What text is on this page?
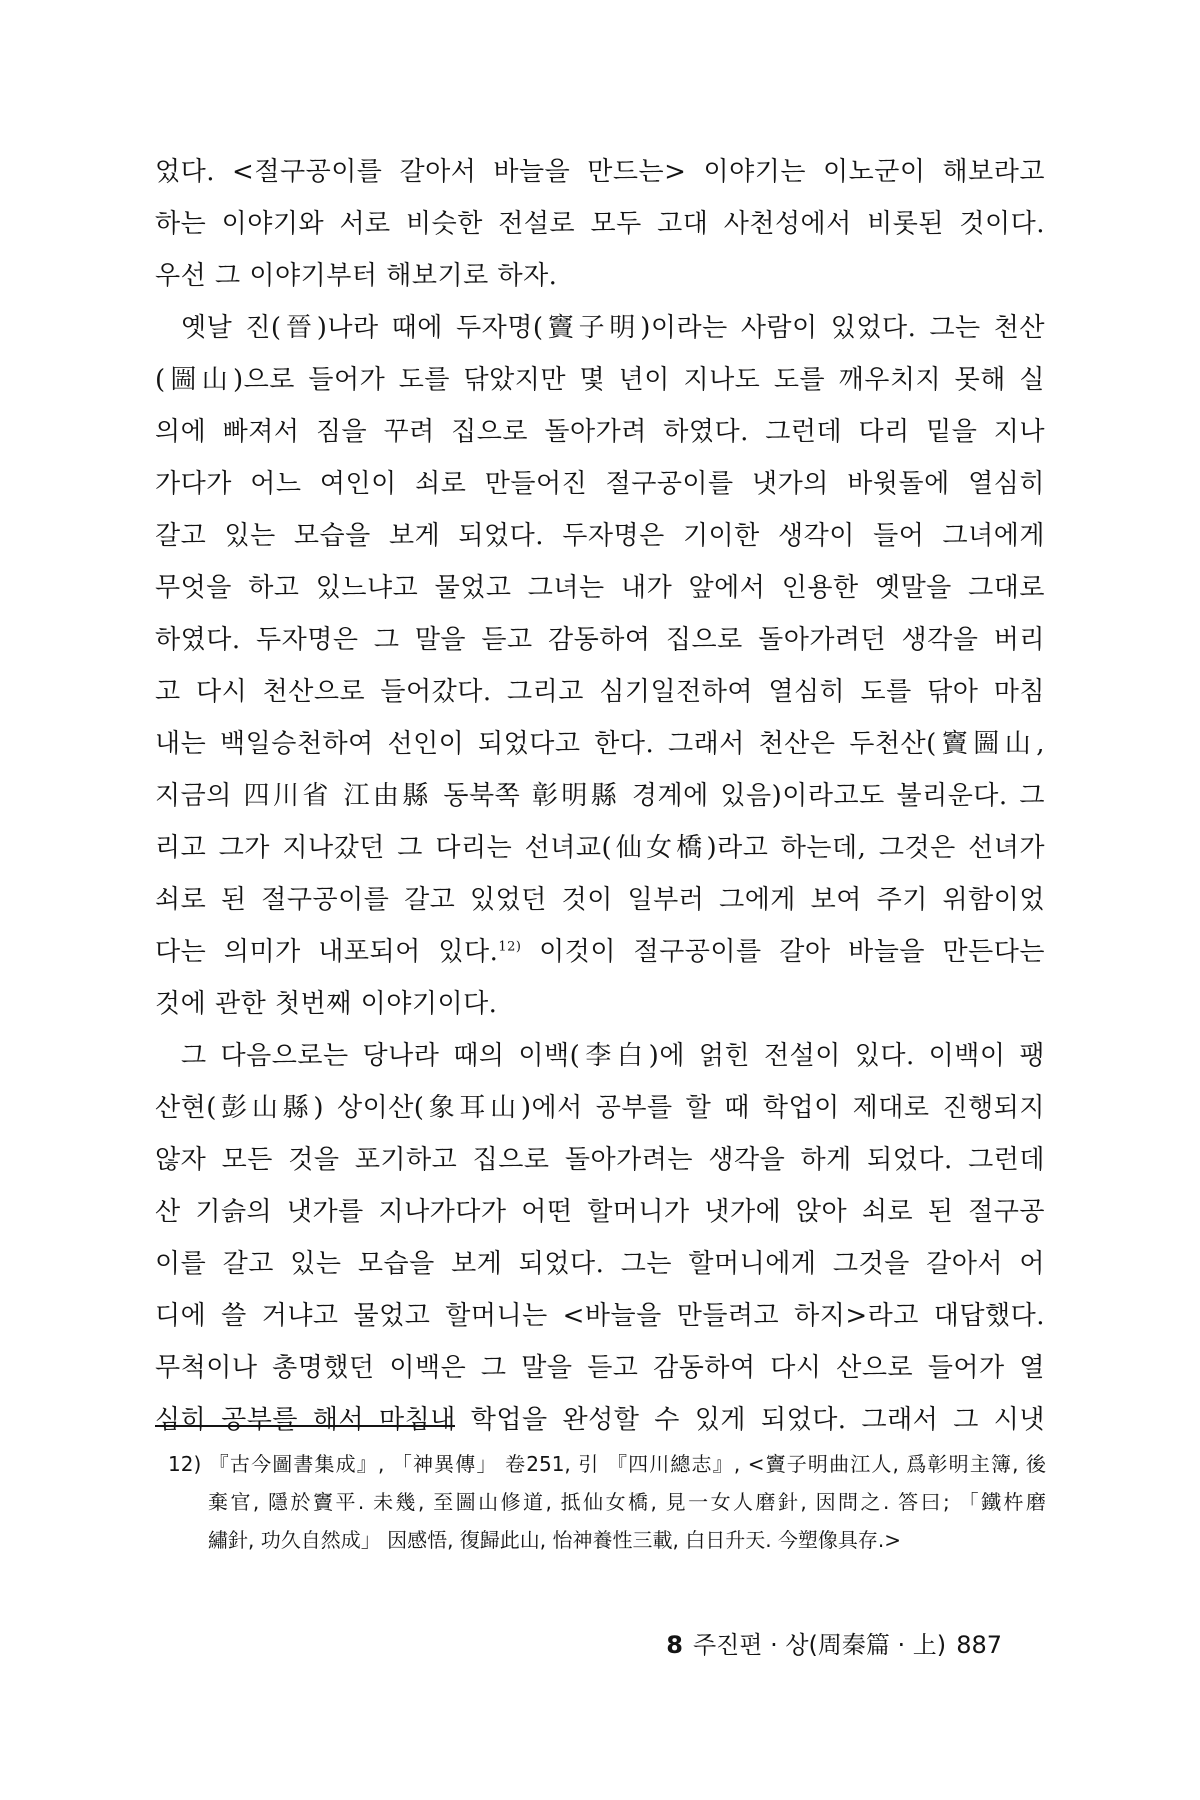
었다. <절구공이를 갈아서 바늘을 만드는> 이야기는 이노군이 해보라고
하는 이야기와 서로 비슷한 전설로 모두 고대 사천성에서 비롯된 것이다.
우선 그 이야기부터 해보기로 하자.
옛날 진(晉)나라 때에 두자명(竇子明)이라는 사람이 있었다. 그는 천산
(圌山)으로 들어가 도를 닦았지만 몇 년이 지나도 도를 깨우치지 못해 실
의에 빠져서 짐을 꾸려 집으로 돌아가려 하였다. 그런데 다리 밑을 지나
가다가 어느 여인이 쇠로 만들어진 절구공이를 냇가의 바윗돌에 열심히
갈고 있는 모습을 보게 되었다. 두자명은 기이한 생각이 들어 그녀에게
무엇을 하고 있느냐고 물었고 그녀는 내가 앞에서 인용한 옛말을 그대로
하였다. 두자명은 그 말을 듣고 감동하여 집으로 돌아가려던 생각을 버리
고 다시 천산으로 들어갔다. 그리고 심기일전하여 열심히 도를 닦아 마침
내는 백일승천하여 선인이 되었다고 한다. 그래서 천산은 두천산(竇圌山,
지금의 四川省 江由縣 동북쪽 彰明縣 경계에 있음)이라고도 불리운다. 그
리고 그가 지나갔던 그 다리는 선녀교(仙女橋)라고 하는데, 그것은 선녀가
쇠로 된 절구공이를 갈고 있었던 것이 일부러 그에게 보여 주기 위함이었
다는 의미가 내포되어 있다.$^{12)}$ 이것이 절구공이를 갈아 바늘을 만든다는
것에 관한 첫번째 이야기이다.
그 다음으로는 당나라 때의 이백(李白)에 얽힌 전설이 있다. 이백이 팽
산현(彭山縣) 상이산(象耳山)에서 공부를 할 때 학업이 제대로 진행되지
않자 모든 것을 포기하고 집으로 돌아가려는 생각을 하게 되었다. 그런데
산 기슭의 냇가를 지나가다가 어떤 할머니가 냇가에 앉아 쇠로 된 절구공
이를 갈고 있는 모습을 보게 되었다. 그는 할머니에게 그것을 갈아서 어
디에 쓸 거냐고 물었고 할머니는 <바늘을 만들려고 하지>라고 대답했다.
무척이나 총명했던 이백은 그 말을 듣고 감동하여 다시 산으로 들어가 열
심히 공부를 해서 마침내 학업을 완성할 수 있게 되었다. 그래서 그 시냇
12) 『古今圖書集成』, 「神異傳」 卷251, 引 『四川總志』, <竇子明曲江人, 爲彰明主簿, 後
棄官, 隱於竇平. 未幾, 至圌山修道, 抵仙女橋, 見一女人磨針, 因問之. 答曰; 「鐵杵磨
繡針, 功久自然成」 因感悟, 復歸此山, 怡神養性三載, 白日升天. 今塑像具存.>
8 주진편 · 상(周秦篇 · 上) 887
